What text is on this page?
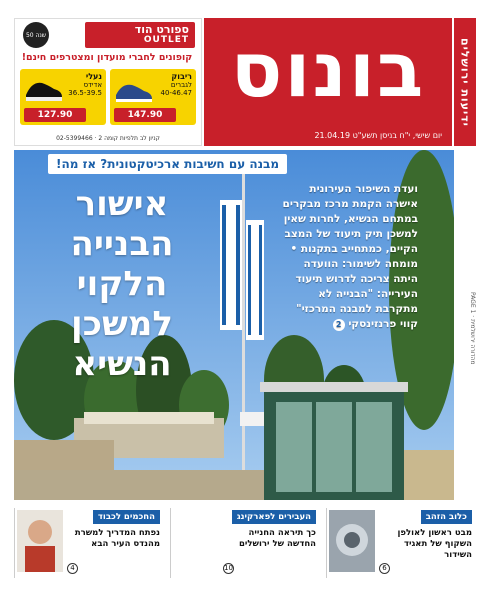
ידיעות ירושלים
בונוס
יום שישי, י"ח בניסן תשע"ט 21.04.19
ספורט הוד
OUTLET
שנה 50
קופונים לחברי מועדון ומצטרפים חינם!
ריבוק
לגברים
40-46.47
147.90
נעלי
אדידס
36.5-39.5
127.90
קניון לב תלפיות קומה 2 · 02-5399466
מבנה עם חשיבות ארכיטקטונית? אז מה!
אישור הבנייה
הלקוי
למשכן הנשיא
ועדת השיפור העירונית אישרה הקמת מרכז מבקרים במתחם הנשיא, לחרות שאין למשכן תיק תיעוד של המצב הקיים, כמתחייב בתקנות • מומחה לשימור: הוועדה היתה צריכה לדרוש תיעוד העירייה: "הבנייה לא מתקרבת למבנה המרכזי" קווי פרנזינסקי 2
PAGE 1 · מהדורה ירושלמית
כלוב הזהב
מבט ראשון לאולפן השקוף של תאגיד השידור
6
העבירים לפארקינג
כך תיראה החנייה החדשה של ירושלים
10
החכמים לכבוד
נפתח המדריך למשרת מהנדס העיר הבא
4
